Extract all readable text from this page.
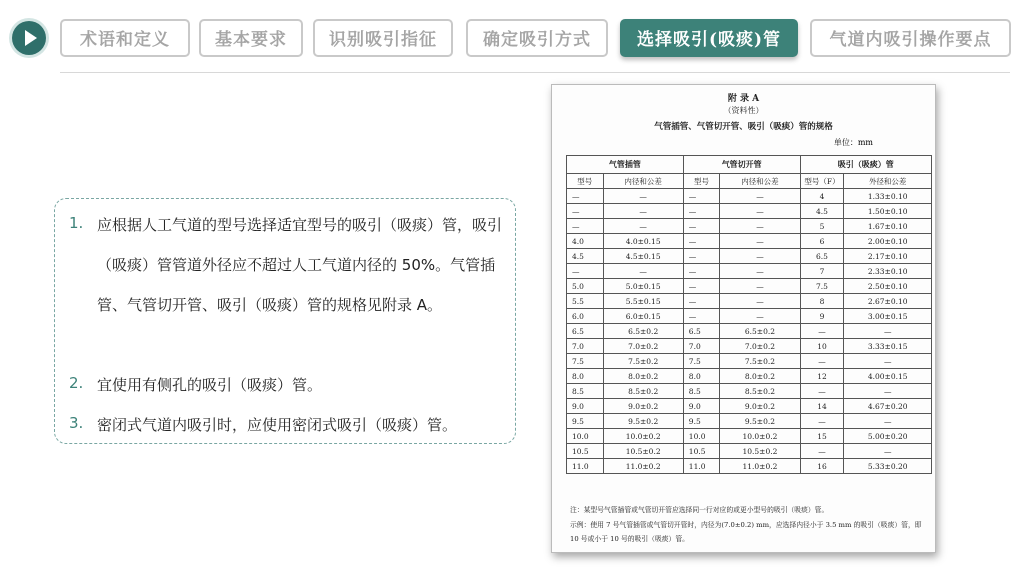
术语和定义	基本要求	识别吸引指征	确定吸引方式	选择吸引(吸痰)管	气道内吸引操作要点
1. 应根据人工气道的型号选择适宜型号的吸引（吸痰）管，吸引（吸痰）管管道外径应不超过人工气道内径的 50%。气管插管、气管切开管、吸引（吸痰）管的规格见附录 A。
2. 宜使用有侧孔的吸引（吸痰）管。
3. 密闭式气道内吸引时，应使用密闭式吸引（吸痰）管。
附 录 A
（资料性）
气管插管、气管切开管、吸引（吸痰）管的规格
单位：mm
气管插管		气管切开管		吸引（吸痰）管	
型号	内径和公差	型号	内径和公差	型号（F）	外径和公差
—	—	—	—	4	1.33±0.10
—	—	—	—	4.5	1.50±0.10
—	—	—	—	5	1.67±0.10
4.0	4.0±0.15	—	—	6	2.00±0.10
4.5	4.5±0.15	—	—	6.5	2.17±0.10
—	—	—	—	7	2.33±0.10
5.0	5.0±0.15	—	—	7.5	2.50±0.10
5.5	5.5±0.15	—	—	8	2.67±0.10
6.0	6.0±0.15	—	—	9	3.00±0.15
6.5	6.5±0.2	6.5	6.5±0.2	—	—
7.0	7.0±0.2	7.0	7.0±0.2	10	3.33±0.15
7.5	7.5±0.2	7.5	7.5±0.2	—	—
8.0	8.0±0.2	8.0	8.0±0.2	12	4.00±0.15
8.5	8.5±0.2	8.5	8.5±0.2	—	—
9.0	9.0±0.2	9.0	9.0±0.2	14	4.67±0.20
9.5	9.5±0.2	9.5	9.5±0.2	—	—
10.0	10.0±0.2	10.0	10.0±0.2	15	5.00±0.20
10.5	10.5±0.2	10.5	10.5±0.2	—	—
11.0	11.0±0.2	11.0	11.0±0.2	16	5.33±0.20
注：某型号气管插管或气管切开管应选择同一行对应的或更小型号的吸引（吸痰）管。
示例：使用 7 号气管插管或气管切开管时，内径为(7.0±0.2) mm，应选择内径小于 3.5 mm 的吸引（吸痰）管，即 10 号或小于 10 号的吸引（吸痰）管。
